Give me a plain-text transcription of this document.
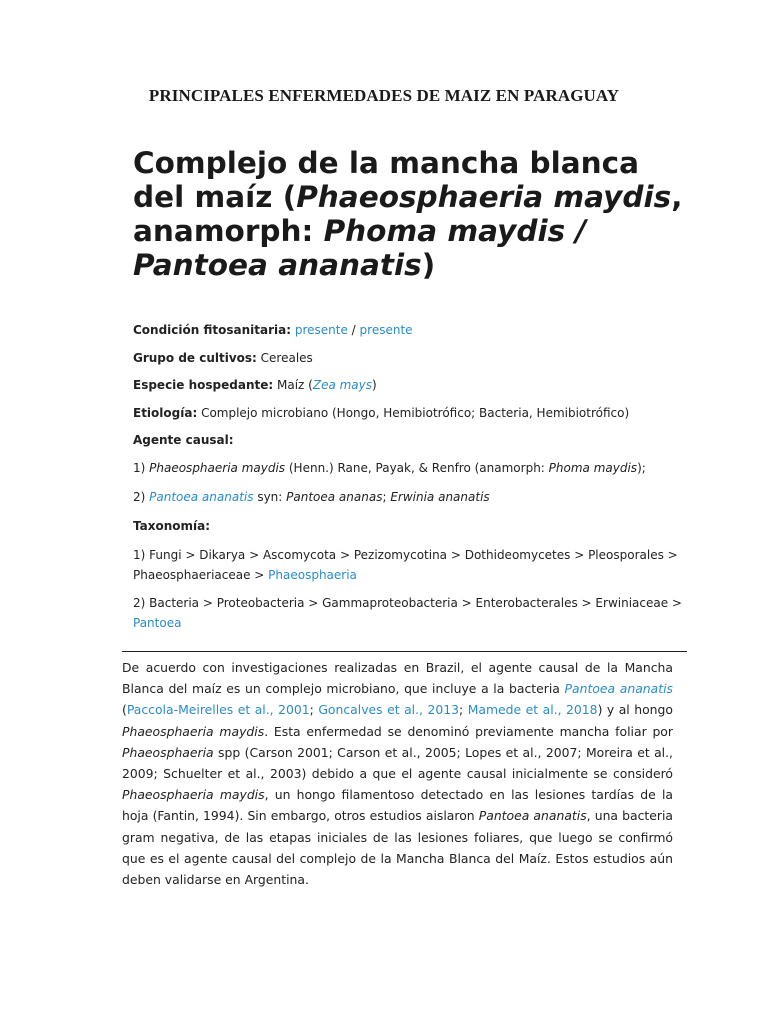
PRINCIPALES ENFERMEDADES DE MAIZ EN PARAGUAY
Complejo de la mancha blanca
del maíz (Phaeosphaeria maydis,
anamorph: Phoma maydis /
Pantoea ananatis)

Condición fitosanitaria: presente / presente

Grupo de cultivos: Cereales

Especie hospedante: Maíz (Zea mays)

Etiología: Complejo microbiano (Hongo, Hemibiotrófico; Bacteria, Hemibiotrófico)

Agente causal:

1) Phaeosphaeria maydis (Henn.) Rane, Payak, & Renfro (anamorph: Phoma maydis);

2) Pantoea ananatis syn: Pantoea ananas; Erwinia ananatis

Taxonomía:

1) Fungi > Dikarya > Ascomycota > Pezizomycotina > Dothideomycetes > Pleosporales > Phaeosphaeriaceae > Phaeosphaeria

2) Bacteria > Proteobacteria > Gammaproteobacteria > Enterobacterales > Erwiniaceae > Pantoea

De acuerdo con investigaciones realizadas en Brazil, el agente causal de la Mancha Blanca del maíz es un complejo microbiano, que incluye a la bacteria Pantoea ananatis (Paccola-Meirelles et al., 2001; Goncalves et al., 2013; Mamede et al., 2018) y al hongo Phaeosphaeria maydis. Esta enfermedad se denominó previamente mancha foliar por Phaeosphaeria spp (Carson 2001; Carson et al., 2005; Lopes et al., 2007; Moreira et al., 2009; Schuelter et al., 2003) debido a que el agente causal inicialmente se consideró Phaeosphaeria maydis, un hongo filamentoso detectado en las lesiones tardías de la hoja (Fantin, 1994). Sin embargo, otros estudios aislaron Pantoea ananatis, una bacteria gram negativa, de las etapas iniciales de las lesiones foliares, que luego se confirmó que es el agente causal del complejo de la Mancha Blanca del Maíz. Estos estudios aún deben validarse en Argentina.
